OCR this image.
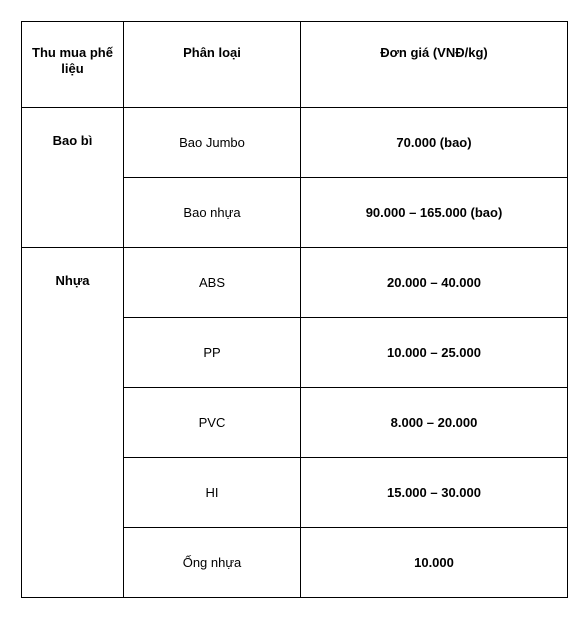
Thu mua phế liệu	Phân loại	Đơn giá (VNĐ/kg)
Bao bì	Bao Jumbo	70.000 (bao)
	Bao nhựa	90.000 – 165.000 (bao)
Nhựa	ABS	20.000 – 40.000
	PP	10.000 – 25.000
	PVC	8.000 – 20.000
	HI	15.000 – 30.000
	Ống nhựa	10.000
